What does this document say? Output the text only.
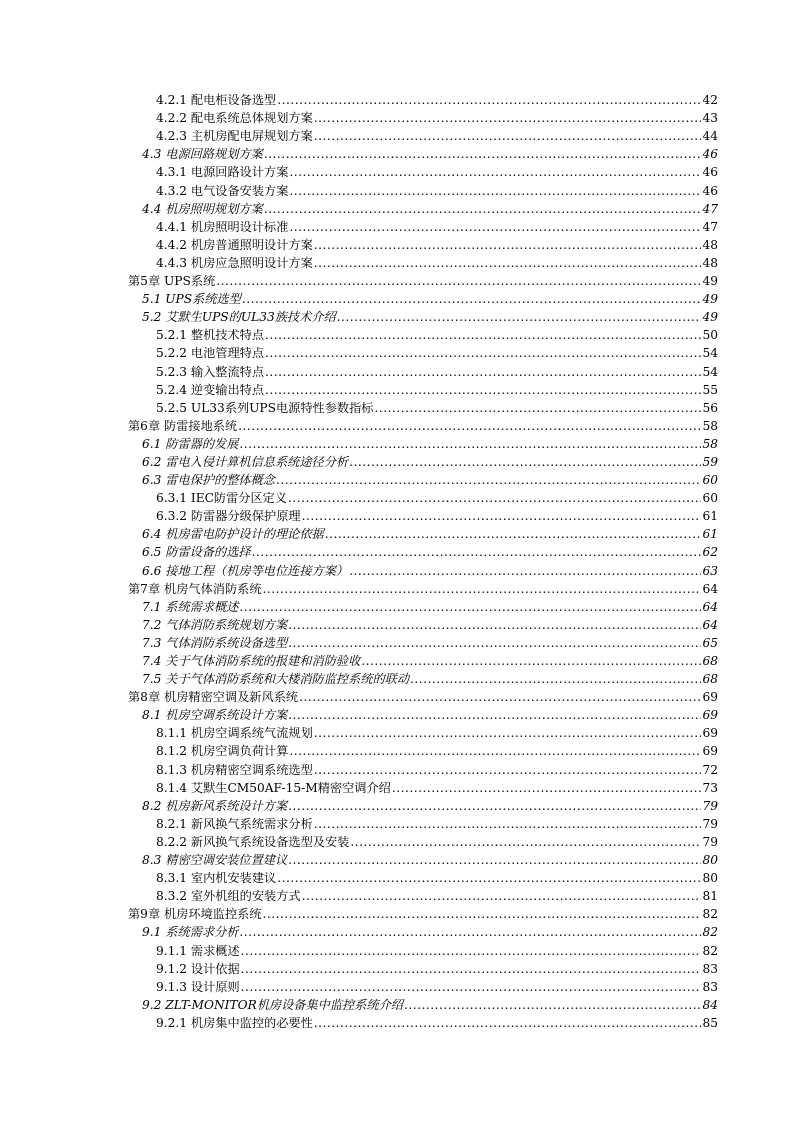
4.2.1 配电柜设备选型 .....	42
4.2.2 配电系统总体规划方案 .....	43
4.2.3 主机房配电屏规划方案 .....	44
4.3 电源回路规划方案 .....	46
4.3.1 电源回路设计方案 .....	46
4.3.2 电气设备安装方案 .....	46
4.4 机房照明规划方案 .....	47
4.4.1 机房照明设计标准 .....	47
4.4.2 机房普通照明设计方案 .....	48
4.4.3 机房应急照明设计方案 .....	48
第5章 UPS系统 .....	49
5.1 UPS系统选型 .....	49
5.2 艾默生UPS的UL33族技术介绍 .....	49
5.2.1 整机技术特点 .....	50
5.2.2 电池管理特点 .....	54
5.2.3 输入整流特点 .....	54
5.2.4 逆变输出特点 .....	55
5.2.5 UL33系列UPS电源特性参数指标 .....	56
第6章 防雷接地系统 .....	58
6.1 防雷器的发展 .....	58
6.2 雷电入侵计算机信息系统途径分析 .....	59
6.3 雷电保护的整体概念 .....	60
6.3.1 IEC防雷分区定义 .....	60
6.3.2 防雷器分级保护原理 .....	61
6.4 机房雷电防护设计的理论依据 .....	61
6.5 防雷设备的选择 .....	62
6.6 接地工程（机房等电位连接方案） .....	63
第7章 机房气体消防系统 .....	64
7.1 系统需求概述 .....	64
7.2 气体消防系统规划方案 .....	64
7.3 气体消防系统设备选型 .....	65
7.4 关于气体消防系统的报建和消防验收 .....	68
7.5 关于气体消防系统和大楼消防监控系统的联动 .....	68
第8章 机房精密空调及新风系统 .....	69
8.1 机房空调系统设计方案 .....	69
8.1.1 机房空调系统气流规划 .....	69
8.1.2 机房空调负荷计算 .....	69
8.1.3 机房精密空调系统选型 .....	72
8.1.4 艾默生CM50AF-15-M精密空调介绍 .....	73
8.2 机房新风系统设计方案 .....	79
8.2.1 新风换气系统需求分析 .....	79
8.2.2 新风换气系统设备选型及安装 .....	79
8.3 精密空调安装位置建议 .....	80
8.3.1 室内机安装建议 .....	80
8.3.2 室外机组的安装方式 .....	81
第9章 机房环境监控系统 .....	82
9.1 系统需求分析 .....	82
9.1.1 需求概述 .....	82
9.1.2 设计依据 .....	83
9.1.3 设计原则 .....	83
9.2 ZLT-MONITOR机房设备集中监控系统介绍 .....	84
9.2.1 机房集中监控的必要性 .....	85
